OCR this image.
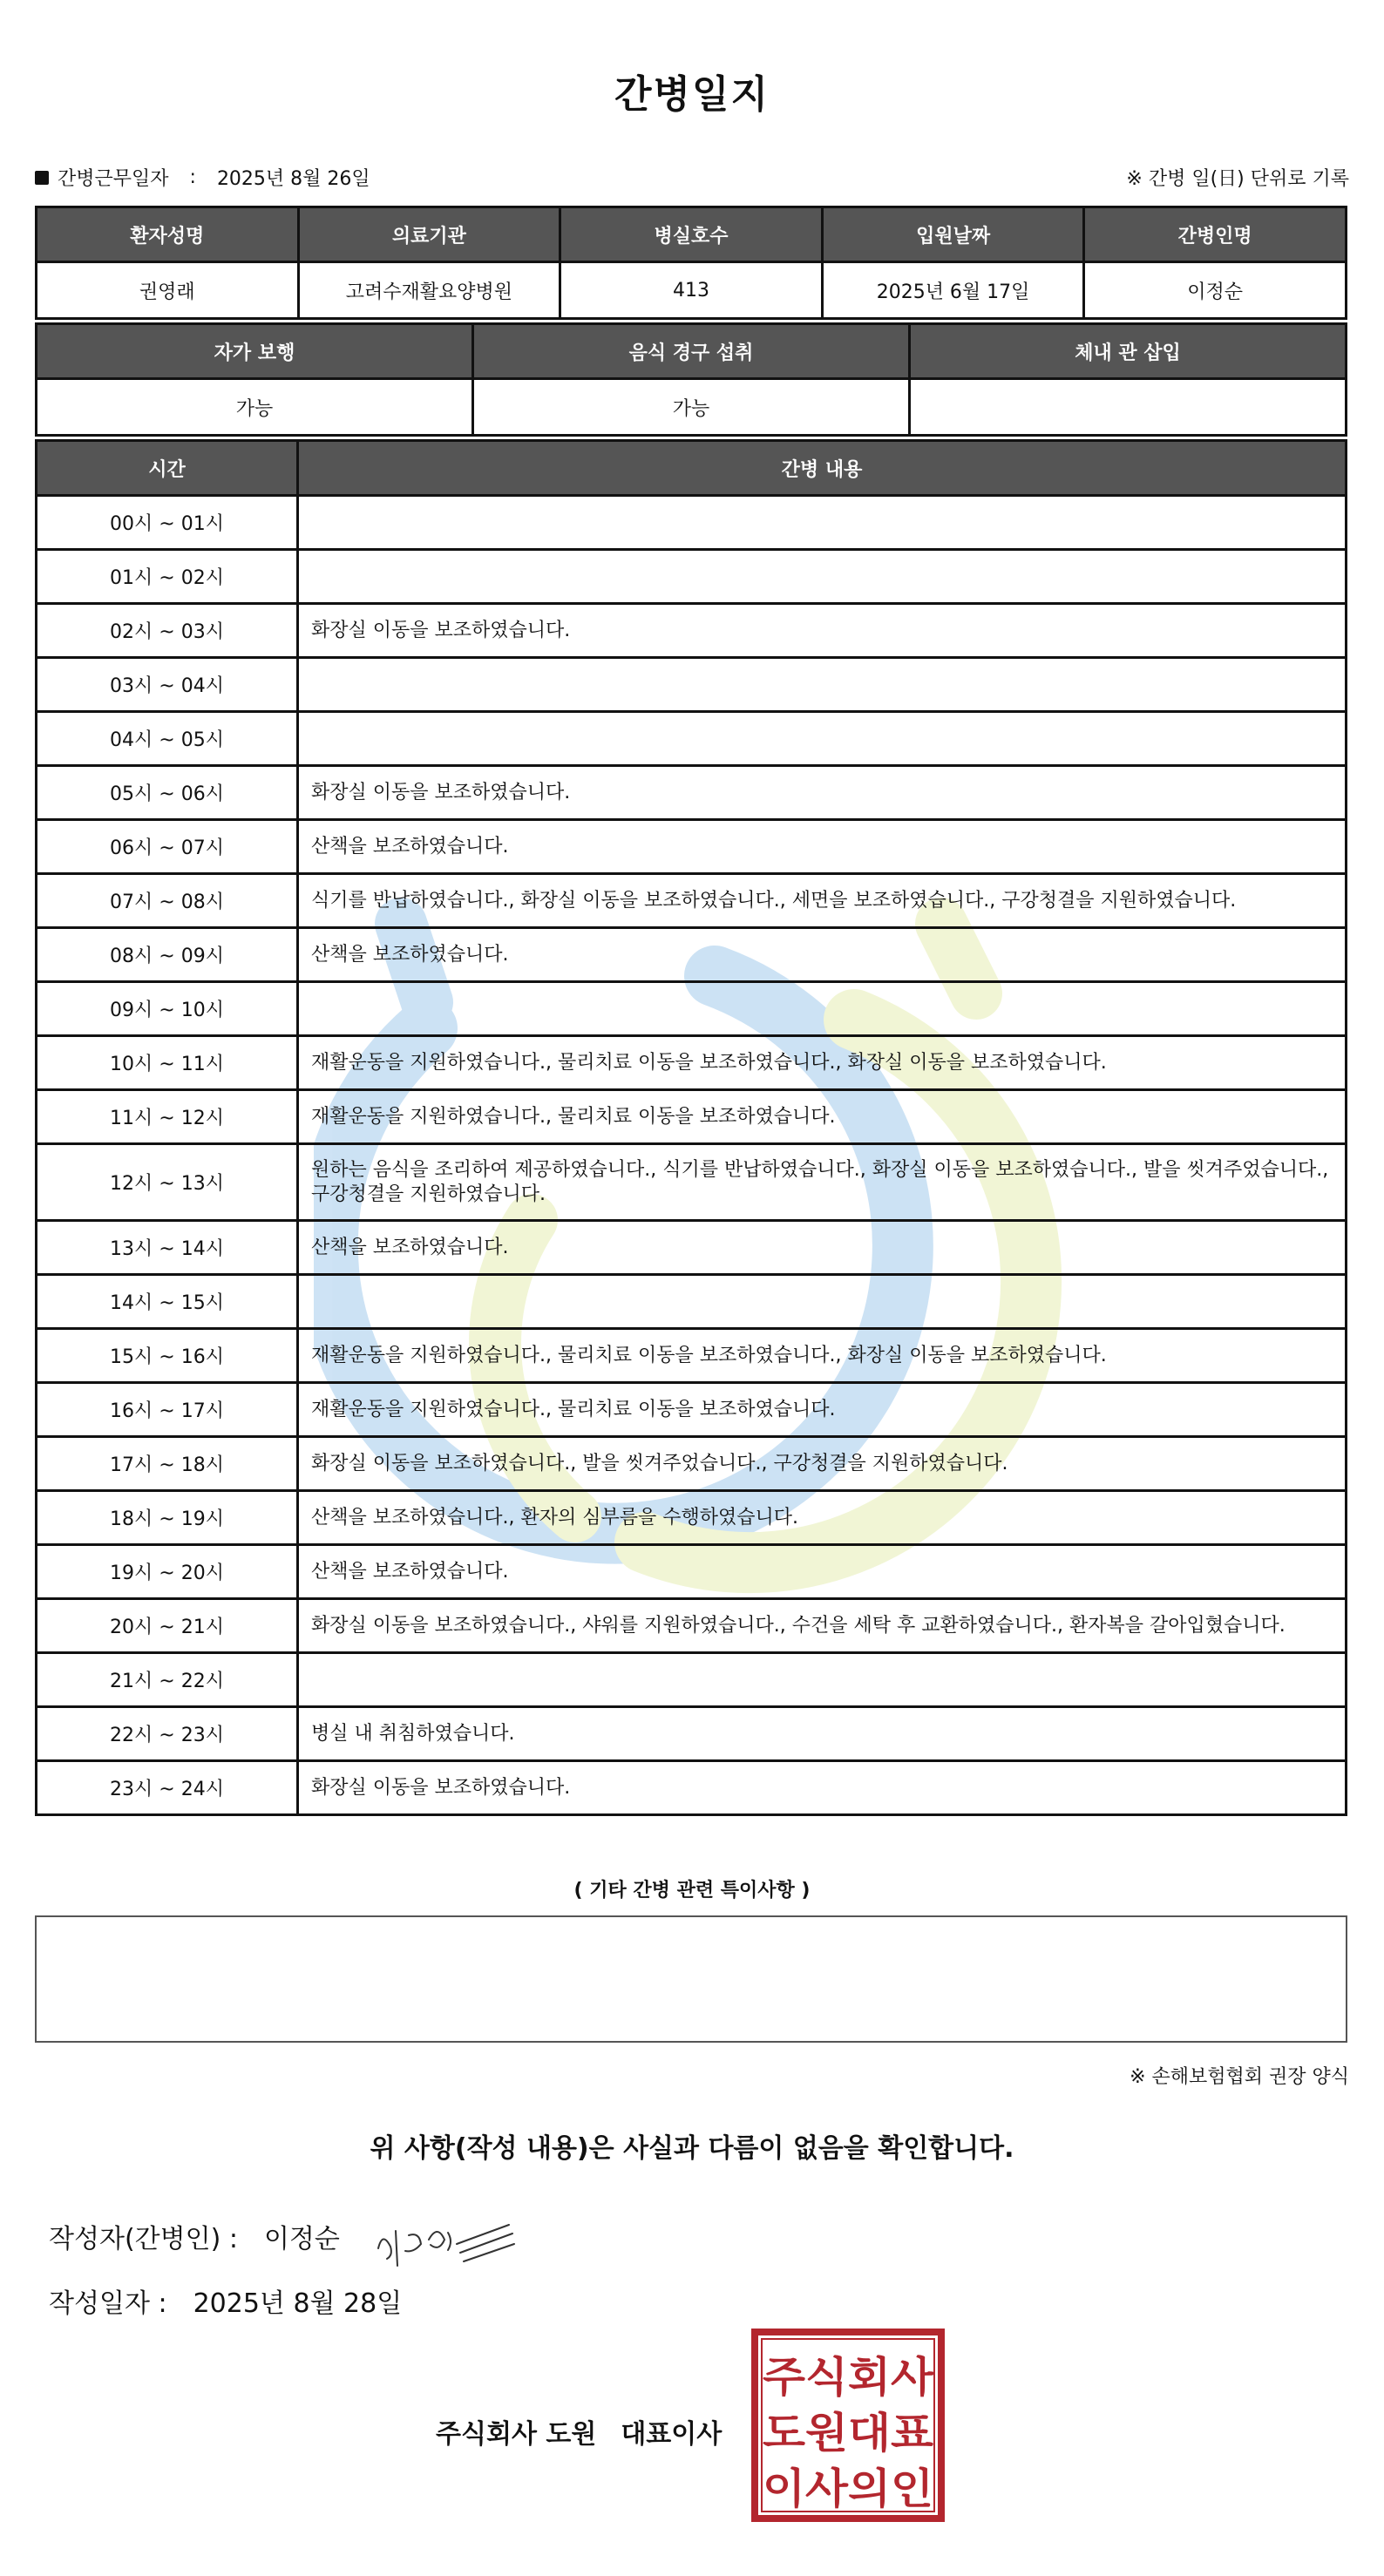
간병일지
간병근무일자 : 2025년 8월 26일	※ 간병 일(日) 단위로 기록
환자성명	의료기관	병실호수	입원날짜	간병인명
권영래	고려수재활요양병원	413	2025년 6월 17일	이정순
자가 보행	음식 경구 섭취	체내 관 삽입
가능	가능	
시간	간병 내용
00시 ~ 01시	
01시 ~ 02시	
02시 ~ 03시	화장실 이동을 보조하였습니다.
03시 ~ 04시	
04시 ~ 05시	
05시 ~ 06시	화장실 이동을 보조하였습니다.
06시 ~ 07시	산책을 보조하였습니다.
07시 ~ 08시	식기를 반납하였습니다., 화장실 이동을 보조하였습니다., 세면을 보조하였습니다., 구강청결을 지원하였습니다.
08시 ~ 09시	산책을 보조하였습니다.
09시 ~ 10시	
10시 ~ 11시	재활운동을 지원하였습니다., 물리치료 이동을 보조하였습니다., 화장실 이동을 보조하였습니다.
11시 ~ 12시	재활운동을 지원하였습니다., 물리치료 이동을 보조하였습니다.
12시 ~ 13시	원하는 음식을 조리하여 제공하였습니다., 식기를 반납하였습니다., 화장실 이동을 보조하였습니다., 발을 씻겨주었습니다., 구강청결을 지원하였습니다.
13시 ~ 14시	산책을 보조하였습니다.
14시 ~ 15시	
15시 ~ 16시	재활운동을 지원하였습니다., 물리치료 이동을 보조하였습니다., 화장실 이동을 보조하였습니다.
16시 ~ 17시	재활운동을 지원하였습니다., 물리치료 이동을 보조하였습니다.
17시 ~ 18시	화장실 이동을 보조하였습니다., 발을 씻겨주었습니다., 구강청결을 지원하였습니다.
18시 ~ 19시	산책을 보조하였습니다., 환자의 심부름을 수행하였습니다.
19시 ~ 20시	산책을 보조하였습니다.
20시 ~ 21시	화장실 이동을 보조하였습니다., 샤워를 지원하였습니다., 수건을 세탁 후 교환하였습니다., 환자복을 갈아입혔습니다.
21시 ~ 22시	
22시 ~ 23시	병실 내 취침하였습니다.
23시 ~ 24시	화장실 이동을 보조하였습니다.
( 기타 간병 관련 특이사항 )
※ 손해보험협회 권장 양식
위 사항(작성 내용)은 사실과 다름이 없음을 확인합니다.
작성자(간병인) : 이정순
작성일자 : 2025년 8월 28일
주식회사 도원 대표이사
주식회사
도원대표
이사의인
